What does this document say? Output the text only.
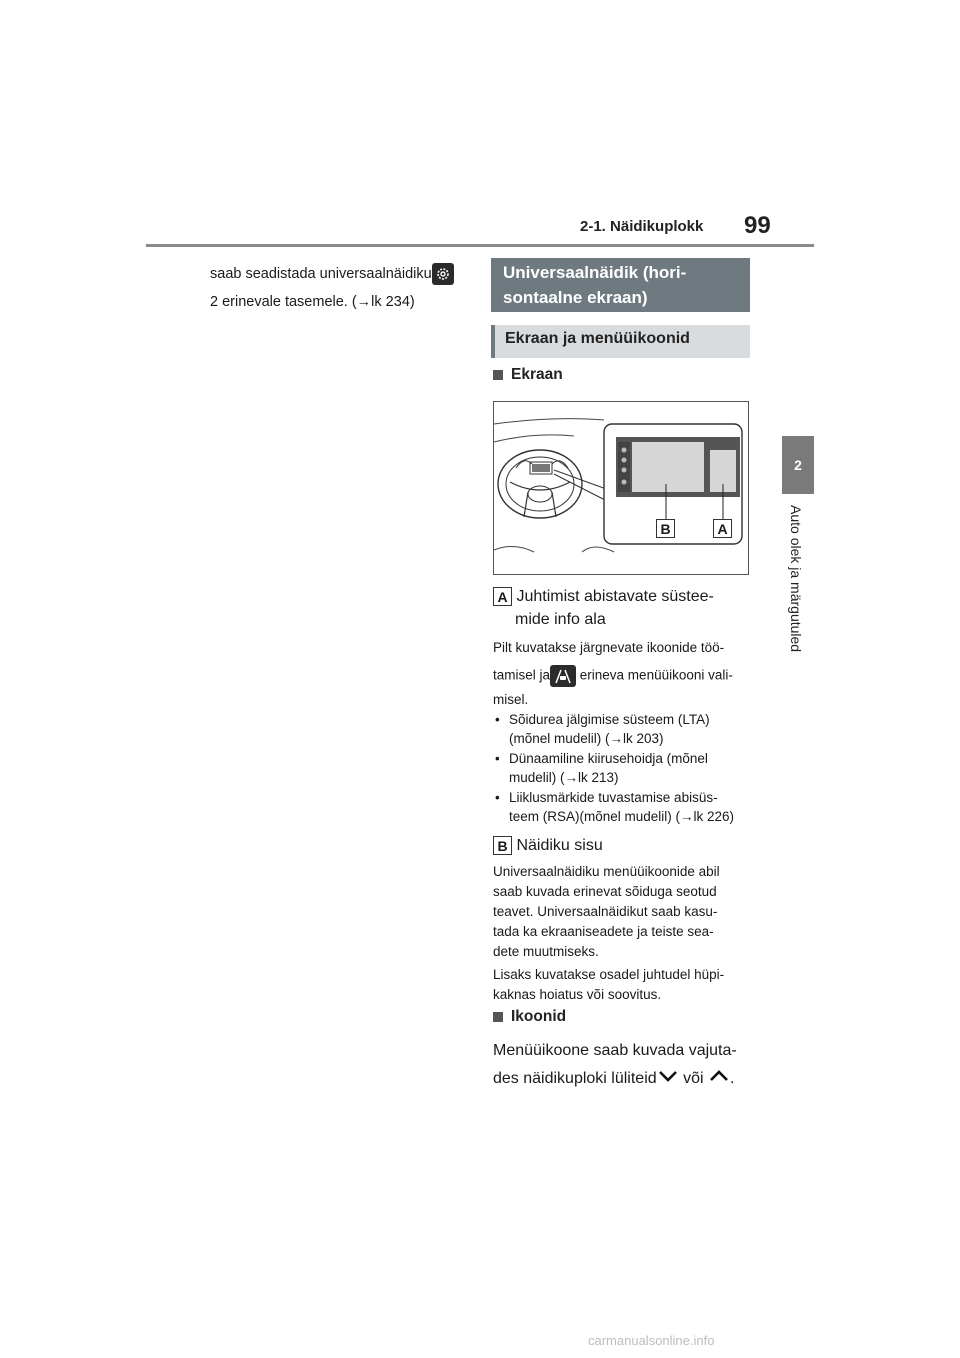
2-1. Näidikuplokk 99
2
Auto olek ja märgutuled
saab seadistada universaalnäidiku
2 erinevale tasemele. (→lk 234)
Universaalnäidik (hori-
sontaalne ekraan)
Ekraan ja menüüikoonid
Ekraan
B	A
A Juhtimist abistavate süstee-
mide info ala
Pilt kuvatakse järgnevate ikoonide töö-
tamisel ja
erineva menüüikooni vali-
misel.
• Sõidurea jälgimise süsteem (LTA)
(mõnel mudelil) (→lk 203)
• Dünaamiline kiirusehoidja (mõnel
mudelil) (→lk 213)
• Liiklusmärkide tuvastamise abisüs-
teem (RSA)(mõnel mudelil) (→lk 226)
B Näidiku sisu
Universaalnäidiku menüüikoonide abil
saab kuvada erinevat sõiduga seotud
teavet. Universaalnäidikut saab kasu-
tada ka ekraaniseadete ja teiste sea-
dete muutmiseks.
Lisaks kuvatakse osadel juhtudel hüpi-
kaknas hoiatus või soovitus.
Ikoonid
Menüüikoone saab kuvada vajuta-
des näidikuploki lüliteid või .
carmanualsonline.info
